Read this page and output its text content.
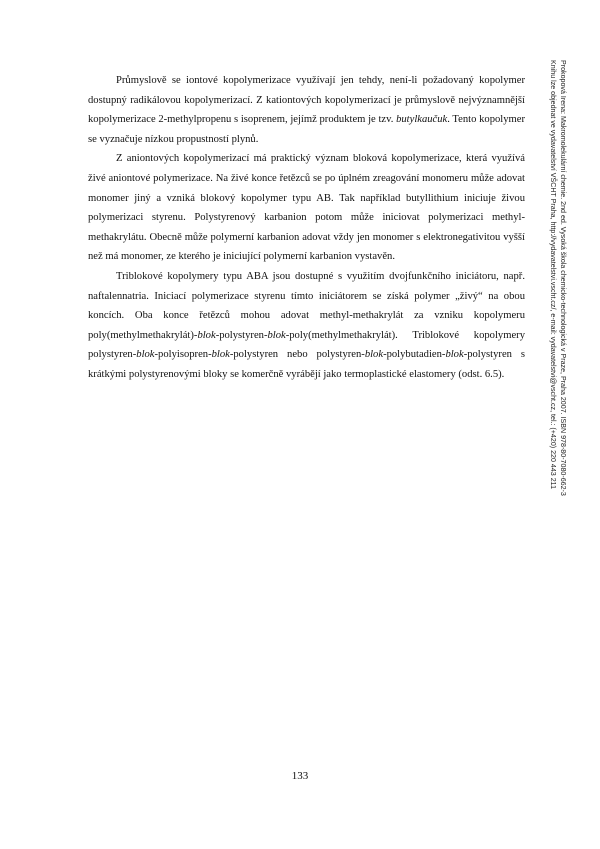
Průmyslově se iontové kopolymerizace využívají jen tehdy, není-li požadovaný kopolymer dostupný radikálovou kopolymerizací. Z kationtových kopolymerizací je průmyslově nejvýznamnější kopolymerizace 2-methylpropenu s isoprenem, jejímž produktem je tzv. butylkaučuk. Tento kopolymer se vyznačuje nízkou propustností plynů.

Z aniontových kopolymerizací má praktický význam bloková kopolymerizace, která využívá živé aniontové polymerizace. Na živé konce řetězců se po úplném zreagování monomeru může adovat monomer jiný a vzniká blokový kopolymer typu AB. Tak například butyllithium iniciuje živou polymerizaci styrenu. Polystyrenový karbanion potom může iniciovat polymerizaci methyl-methakrylátu. Obecně může polymerní karbanion adovat vždy jen monomer s elektronegativitou vyšší než má monomer, ze kterého je iniciující polymerní karbanion vystavěn.

Triblokové kopolymery typu ABA jsou dostupné s využitím dvojfunkčního iniciátoru, např. naftalennatria. Iniciací polymerizace styrenu tímto iniciátorem se získá polymer „živý“ na obou koncích. Oba konce řetězců mohou adovat methyl-methakrylát za vzniku kopolymeru poly(methylmethakrylát)-blok-polystyren-blok-poly(methylmethakrylát). Triblokové kopolymery polystyren-blok-polyisopren-blok-polystyren nebo polystyren-blok-polybutadien-blok-polystyren s krátkými polystyrenovými bloky se komerčně vyrábějí jako termoplastické elastomery (odst. 6.5).

133
Prokopová Irena: Makromolekulární chemie. 2nd ed. Vysoká škola chemicko-technologická v Praze, Praha 2007. ISBN 978-80-7080-662-3
Knihu lze objednat ve vydavatelství VŠCHT Praha, http://vydavatelstvi.vscht.cz/, e-mail: vydavatelstvi@vscht.cz, tel.: (+420) 220 443 211
